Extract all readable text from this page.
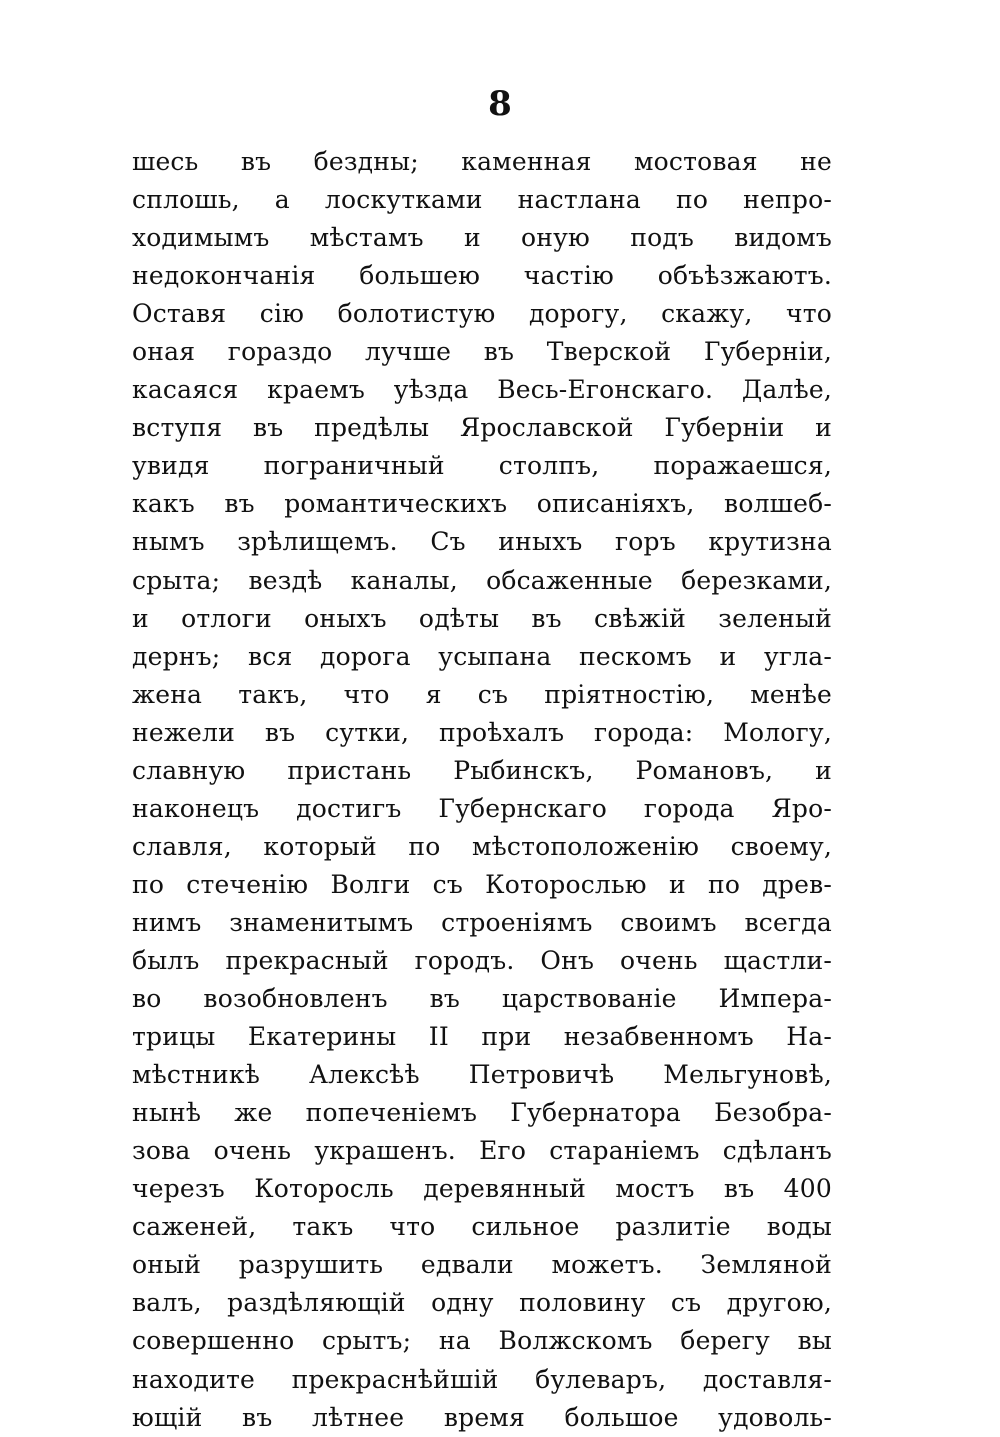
8
шесь въ бездны; каменная мостовая не
сплошь, а лоскутками настлана по непро-
ходимымъ мѣстамъ и оную подъ видомъ
недокончанія большею частію объѣзжаютъ.
Оставя сію болотистую дорогу, скажу, что
оная гораздо лучше въ Тверской Губерніи,
касаяся краемъ уѣзда Весь-Егонскаго. Далѣе,
вступя въ предѣлы Ярославской Губерніи и
увидя пограничный столпъ, поражаешся,
какъ въ романтическихъ описаніяхъ, волшеб-
нымъ зрѣлищемъ. Съ иныхъ горъ крутизна
срыта; вездѣ каналы, обсаженные березками,
и отлоги оныхъ одѣты въ свѣжій зеленый
дернъ; вся дорога усыпана пескомъ и угла-
жена такъ, что я съ пріятностію, менѣе
нежели въ сутки, проѣхалъ города: Мологу,
славную пристань Рыбинскъ, Романовъ, и
наконецъ достигъ Губернскаго города Яро-
славля, который по мѣстоположенію своему,
по стеченію Волги съ Которослью и по древ-
нимъ знаменитымъ строеніямъ своимъ всегда
былъ прекрасный городъ. Онъ очень щастли-
во возобновленъ въ царствованіе Импера-
трицы Екатерины II при незабвенномъ На-
мѣстникѣ Алексѣѣ Петровичѣ Мельгуновѣ,
нынѣ же попеченіемъ Губернатора Безобра-
зова очень украшенъ. Его стараніемъ сдѣланъ
черезъ Которосль деревянный мостъ въ 400
саженей, такъ что сильное разлитіе воды
оный разрушить едвали можетъ. Земляной
валъ, раздѣляющій одну половину съ другою,
совершенно срытъ; на Волжскомъ берегу вы
находите прекраснѣйшій булеваръ, доставля-
ющій въ лѣтнее время большое удоволь-
